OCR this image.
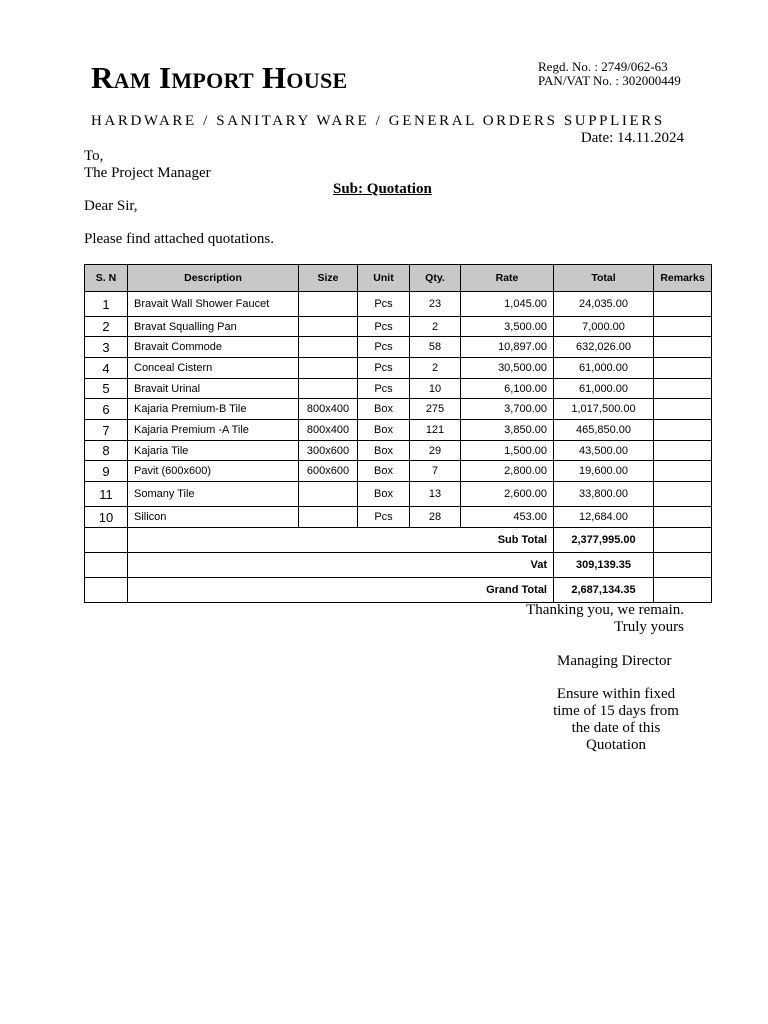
Ram Import House	Regd. No. : 2749/062-63
PAN/VAT No. : 302000449
HARDWARE / SANITARY WARE / GENERAL ORDERS SUPPLIERS
Date: 14.11.2024
To,
The Project Manager
Sub: Quotation
Dear Sir,
Please find attached quotations.
S. N	Description	Size	Unit	Qty.	Rate	Total	Remarks
1	Bravait Wall Shower Faucet		Pcs	23	1,045.00	24,035.00	
2	Bravat Squalling Pan		Pcs	2	3,500.00	7,000.00	
3	Bravait Commode		Pcs	58	10,897.00	632,026.00	
4	Conceal Cistern		Pcs	2	30,500.00	61,000.00	
5	Bravait Urinal		Pcs	10	6,100.00	61,000.00	
6	Kajaria Premium-B Tile	800x400	Box	275	3,700.00	1,017,500.00	
7	Kajaria Premium -A Tile	800x400	Box	121	3,850.00	465,850.00	
8	Kajaria Tile	300x600	Box	29	1,500.00	43,500.00	
9	Pavit (600x600)	600x600	Box	7	2,800.00	19,600.00	
11	Somany Tile		Box	13	2,600.00	33,800.00	
10	Silicon		Pcs	28	453.00	12,684.00	
	Sub Total					2,377,995.00	
	Vat					309,139.35	
	Grand Total					2,687,134.35	
Thanking you, we remain.
Truly yours
Managing Director
Ensure within fixed
time of 15 days from
the date of this
Quotation
